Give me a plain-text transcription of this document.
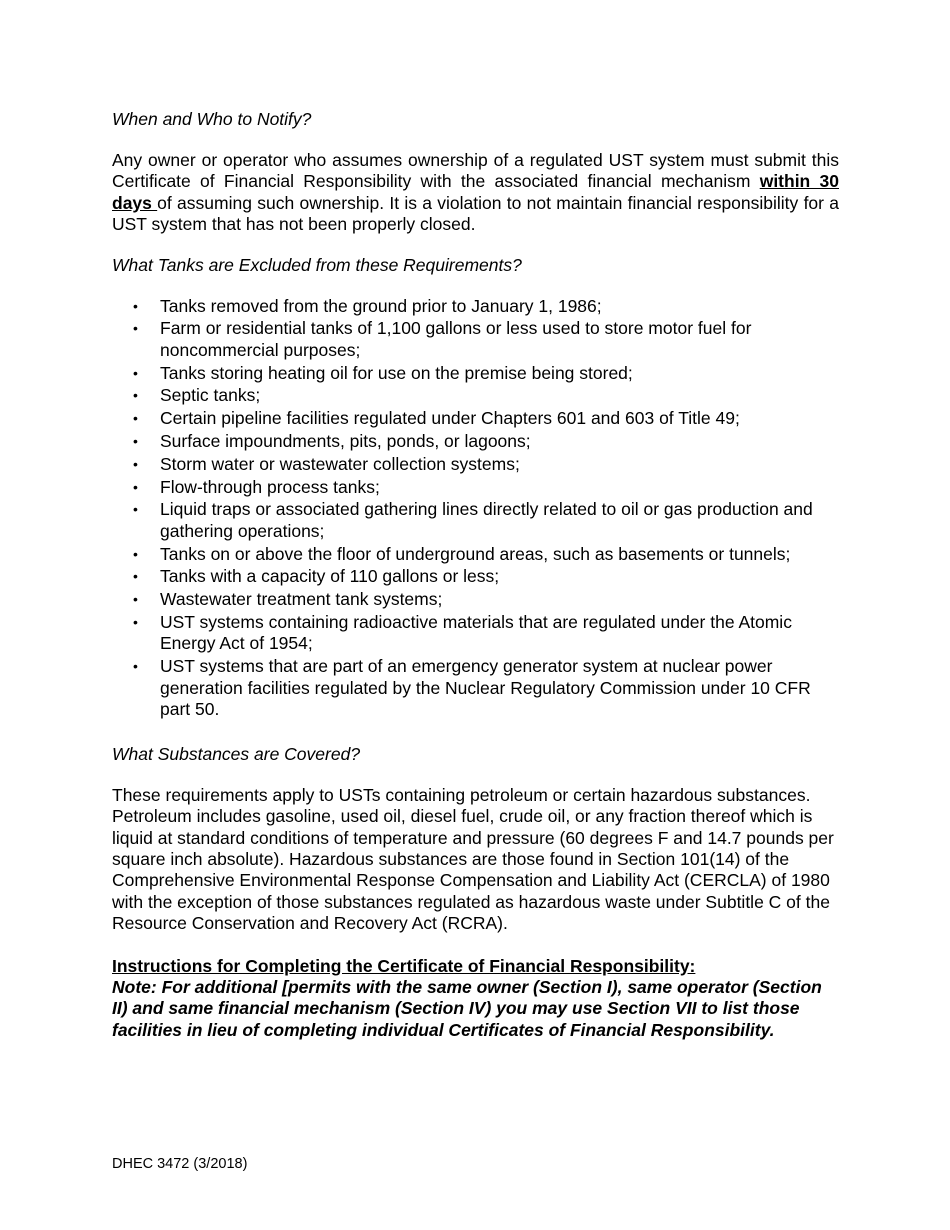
When and Who to Notify?

Any owner or operator who assumes ownership of a regulated UST system must submit this Certificate of Financial Responsibility with the associated financial mechanism within 30 days of assuming such ownership. It is a violation to not maintain financial responsibility for a UST system that has not been properly closed.

What Tanks are Excluded from these Requirements?

• Tanks removed from the ground prior to January 1, 1986;
• Farm or residential tanks of 1,100 gallons or less used to store motor fuel for noncommercial purposes;
• Tanks storing heating oil for use on the premise being stored;
• Septic tanks;
• Certain pipeline facilities regulated under Chapters 601 and 603 of Title 49;
• Surface impoundments, pits, ponds, or lagoons;
• Storm water or wastewater collection systems;
• Flow-through process tanks;
• Liquid traps or associated gathering lines directly related to oil or gas production and gathering operations;
• Tanks on or above the floor of underground areas, such as basements or tunnels;
• Tanks with a capacity of 110 gallons or less;
• Wastewater treatment tank systems;
• UST systems containing radioactive materials that are regulated under the Atomic Energy Act of 1954;
• UST systems that are part of an emergency generator system at nuclear power generation facilities regulated by the Nuclear Regulatory Commission under 10 CFR part 50.

What Substances are Covered?

These requirements apply to USTs containing petroleum or certain hazardous substances. Petroleum includes gasoline, used oil, diesel fuel, crude oil, or any fraction thereof which is liquid at standard conditions of temperature and pressure (60 degrees F and 14.7 pounds per square inch absolute). Hazardous substances are those found in Section 101(14) of the Comprehensive Environmental Response Compensation and Liability Act (CERCLA) of 1980 with the exception of those substances regulated as hazardous waste under Subtitle C of the Resource Conservation and Recovery Act (RCRA).

Instructions for Completing the Certificate of Financial Responsibility:

Note: For additional [permits with the same owner (Section I), same operator (Section II) and same financial mechanism (Section IV) you may use Section VII to list those facilities in lieu of completing individual Certificates of Financial Responsibility.

DHEC 3472 (3/2018)
